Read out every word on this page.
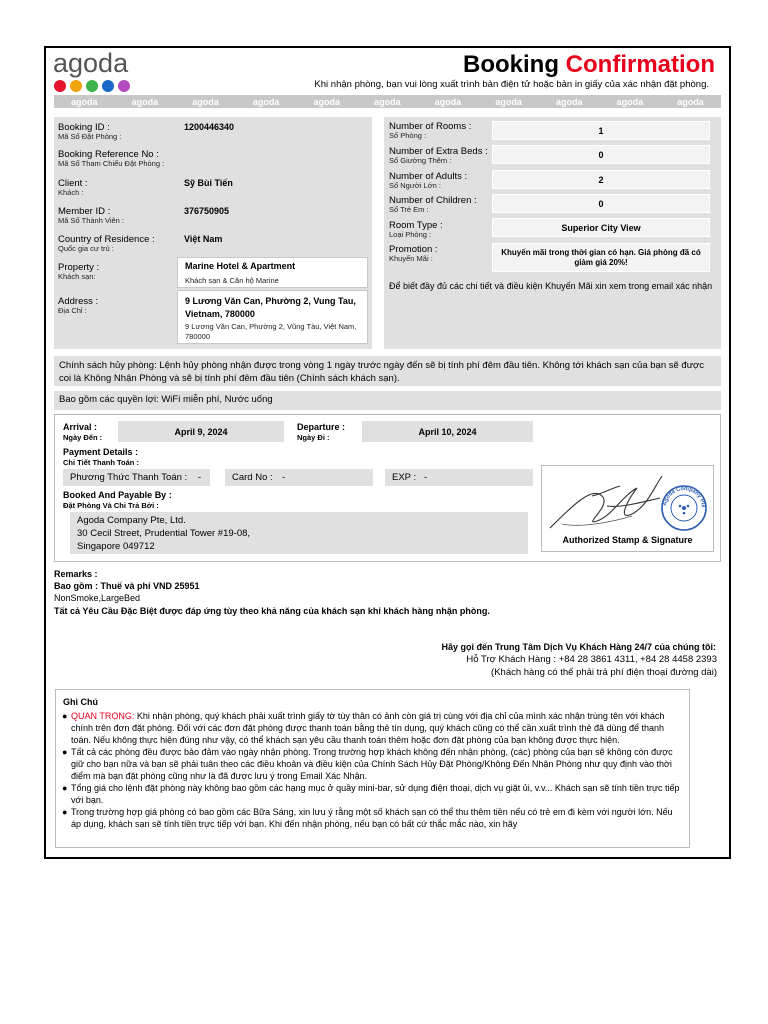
agoda	Booking Confirmation
Khi nhận phòng, bạn vui lòng xuất trình bản điện tử hoặc bản in giấy của xác nhận đặt phòng.
agoda	agoda	agoda	agoda	agoda	agoda	agoda	agoda	agoda	agoda	agoda
Booking ID :
Mã Số Đặt Phòng :
1200446340
Booking Reference No :
Mã Số Tham Chiếu Đặt Phòng :
Client :
Khách :
Sỹ Bùi Tiến
Member ID :
Mã Số Thành Viên :
376750905
Country of Residence :
Quốc gia cư trú :
Việt Nam
Property :
Khách sạn:
Marine Hotel & Apartment
Khách sạn & Căn hộ Marine
Address :
Địa Chỉ :
9 Lương Văn Can, Phường 2, Vung Tau, Vietnam, 780000
9 Lương Văn Can, Phường 2, Vũng Tàu, Việt Nam, 780000
Number of Rooms :
Số Phòng :	1
Number of Extra Beds :
Số Giường Thêm :
0
Number of Adults :
Số Người Lớn :
2
Number of Children :
Số Trẻ Em :
0
Room Type :
Loại Phòng :
Superior City View
Promotion :
Khuyến Mãi :
Khuyến mãi trong thời gian có hạn. Giá phòng đã có giảm giá 20%!
Để biết đầy đủ các chi tiết và điều kiện Khuyến Mãi xin xem trong email xác nhận
Chính sách hủy phòng: Lệnh hủy phòng nhận được trong vòng 1 ngày trước ngày đến sẽ bị tính phí đêm đầu tiên. Không tới khách sạn của bạn sẽ được coi là Không Nhận Phòng và sẽ bị tính phí đêm đầu tiên (Chính sách khách sạn).
Bao gồm các quyền lợi: WiFi miễn phí, Nước uống
Arrival :
Ngày Đến :
April 9, 2024	Departure :
Ngày Đi :
April 10, 2024
Payment Details :
Chi Tiết Thanh Toán :
Phương Thức Thanh Toán : -	Card No : -	EXP : -
Booked And Payable By :
Đặt Phòng Và Chi Trả Bởi :
Agoda Company Pte, Ltd.
30 Cecil Street, Prudential Tower #19-08,
Singapore 049712
Agoda Company Pte
Authorized Stamp & Signature
Remarks :
Bao gồm : Thuế và phí VND 25951
NonSmoke,LargeBed
Tất cả Yêu Cầu Đặc Biệt được đáp ứng tùy theo khả năng của khách sạn khi khách hàng nhận phòng.
Hãy gọi đến Trung Tâm Dịch Vụ Khách Hàng 24/7 của chúng tôi:
Hỗ Trợ Khách Hàng : +84 28 3861 4311, +84 28 4458 2393
(Khách hàng có thể phải trả phí điện thoại đường dài)
Ghi Chú
● QUAN TRỌNG: Khi nhận phòng, quý khách phải xuất trình giấy tờ tùy thân có ảnh còn giá trị cùng với địa chỉ của mình xác nhận trùng tên với khách chính trên đơn đặt phòng. Đối với các đơn đặt phòng được thanh toán bằng thẻ tín dụng, quý khách cũng có thể cần xuất trình thẻ đã dùng để thanh toán. Nếu không thực hiện đúng như vậy, có thể khách sạn yêu cầu thanh toán thêm hoặc đơn đặt phòng của bạn không được thực hiện.
● Tất cả các phòng đều được bảo đảm vào ngày nhận phòng. Trong trường hợp khách không đến nhận phòng, (các) phòng của bạn sẽ không còn được giữ cho bạn nữa và bạn sẽ phải tuân theo các điều khoản và điều kiện của Chính Sách Hủy Đặt Phòng/Không Đến Nhận Phòng như quy định vào thời điểm mà bạn đặt phòng cũng như là đã được lưu ý trong Email Xác Nhận.
● Tổng giá cho lệnh đặt phòng này không bao gồm các hạng mục ở quầy mini-bar, sử dụng điện thoại, dịch vụ giặt ủi, v.v... Khách sạn sẽ tính tiền trực tiếp với bạn.
● Trong trường hợp giá phòng có bao gồm các Bữa Sáng, xin lưu ý rằng một số khách sạn có thể thu thêm tiền nếu có trẻ em đi kèm với người lớn. Nếu áp dụng, khách sạn sẽ tính tiền trực tiếp với bạn. Khi đến nhận phòng, nếu bạn có bất cứ thắc mắc nào, xin hãy
